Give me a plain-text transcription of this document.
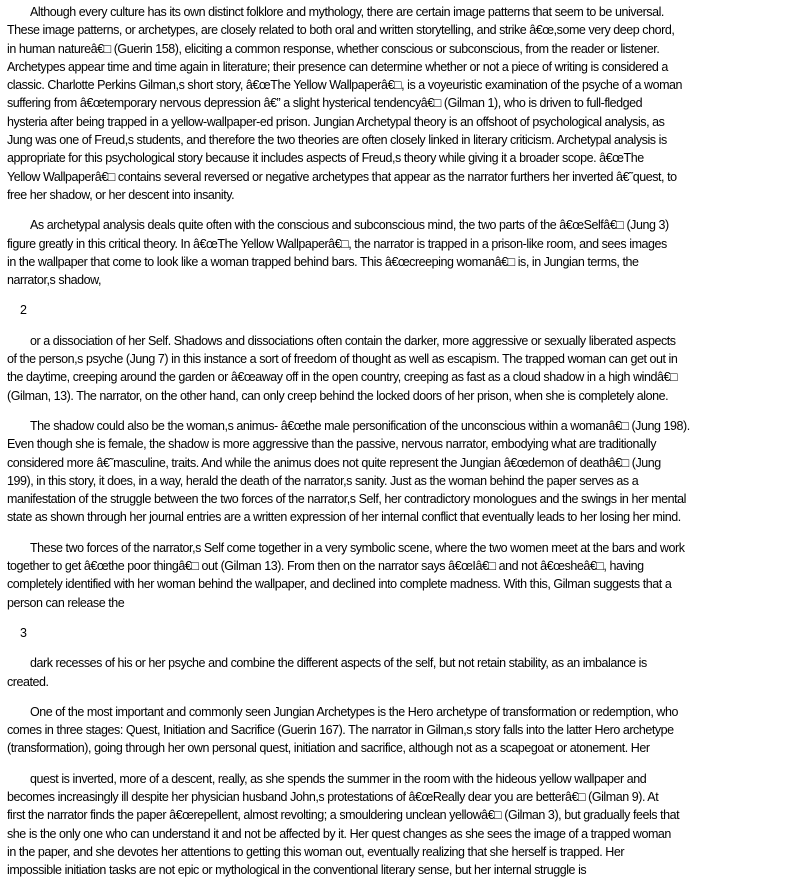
Although every culture has its own distinct folklore and mythology, there are certain image patterns that seem to be universal.
These image patterns, or archetypes, are closely related to both oral and written storytelling, and strike â€œ,some very deep chord,
in human natureâ€□ (Guerin 158), eliciting a common response, whether conscious or subconscious, from the reader or listener.
Archetypes appear time and time again in literature; their presence can determine whether or not a piece of writing is considered a
classic. Charlotte Perkins Gilman,s short story, â€œThe Yellow Wallpaperâ€□, is a voyeuristic examination of the psyche of a woman
suffering from â€œtemporary nervous depression â€” a slight hysterical tendencyâ€□ (Gilman 1), who is driven to full-fledged
hysteria after being trapped in a yellow-wallpaper-ed prison. Jungian Archetypal theory is an offshoot of psychological analysis, as
Jung was one of Freud,s students, and therefore the two theories are often closely linked in literary criticism. Archetypal analysis is
appropriate for this psychological story because it includes aspects of Freud,s theory while giving it a broader scope. â€œThe
Yellow Wallpaperâ€□ contains several reversed or negative archetypes that appear as the narrator furthers her inverted â€˜quest, to
free her shadow, or her descent into insanity.
As archetypal analysis deals quite often with the conscious and subconscious mind, the two parts of the â€œSelfâ€□ (Jung 3)
figure greatly in this critical theory. In â€œThe Yellow Wallpaperâ€□, the narrator is trapped in a prison-like room, and sees images
in the wallpaper that come to look like a woman trapped behind bars. This â€œcreeping womanâ€□ is, in Jungian terms, the
narrator,s shadow,
2
or a dissociation of her Self. Shadows and dissociations often contain the darker, more aggressive or sexually liberated aspects
of the person,s psyche (Jung 7) in this instance a sort of freedom of thought as well as escapism. The trapped woman can get out in
the daytime, creeping around the garden or â€œaway off in the open country, creeping as fast as a cloud shadow in a high windâ€□
(Gilman, 13). The narrator, on the other hand, can only creep behind the locked doors of her prison, when she is completely alone.
The shadow could also be the woman,s animus- â€œthe male personification of the unconscious within a womanâ€□ (Jung 198).
Even though she is female, the shadow is more aggressive than the passive, nervous narrator, embodying what are traditionally
considered more â€˜masculine, traits. And while the animus does not quite represent the Jungian â€œdemon of deathâ€□ (Jung
199), in this story, it does, in a way, herald the death of the narrator,s sanity. Just as the woman behind the paper serves as a
manifestation of the struggle between the two forces of the narrator,s Self, her contradictory monologues and the swings in her mental
state as shown through her journal entries are a written expression of her internal conflict that eventually leads to her losing her mind.
These two forces of the narrator,s Self come together in a very symbolic scene, where the two women meet at the bars and work
together to get â€œthe poor thingâ€□ out (Gilman 13). From then on the narrator says â€œIâ€□ and not â€œsheâ€□, having
completely identified with her woman behind the wallpaper, and declined into complete madness. With this, Gilman suggests that a
person can release the
3
dark recesses of his or her psyche and combine the different aspects of the self, but not retain stability, as an imbalance is
created.
One of the most important and commonly seen Jungian Archetypes is the Hero archetype of transformation or redemption, who
comes in three stages: Quest, Initiation and Sacrifice (Guerin 167). The narrator in Gilman,s story falls into the latter Hero archetype
(transformation), going through her own personal quest, initiation and sacrifice, although not as a scapegoat or atonement. Her
quest is inverted, more of a descent, really, as she spends the summer in the room with the hideous yellow wallpaper and
becomes increasingly ill despite her physician husband John,s protestations of â€œReally dear you are betterâ€□ (Gilman 9). At
first the narrator finds the paper â€œrepellent, almost revolting; a smouldering unclean yellowâ€□ (Gilman 3), but gradually feels that
she is the only one who can understand it and not be affected by it. Her quest changes as she sees the image of a trapped woman
in the paper, and she devotes her attentions to getting this woman out, eventually realizing that she herself is trapped. Her
impossible initiation tasks are not epic or mythological in the conventional literary sense, but her internal struggle is
